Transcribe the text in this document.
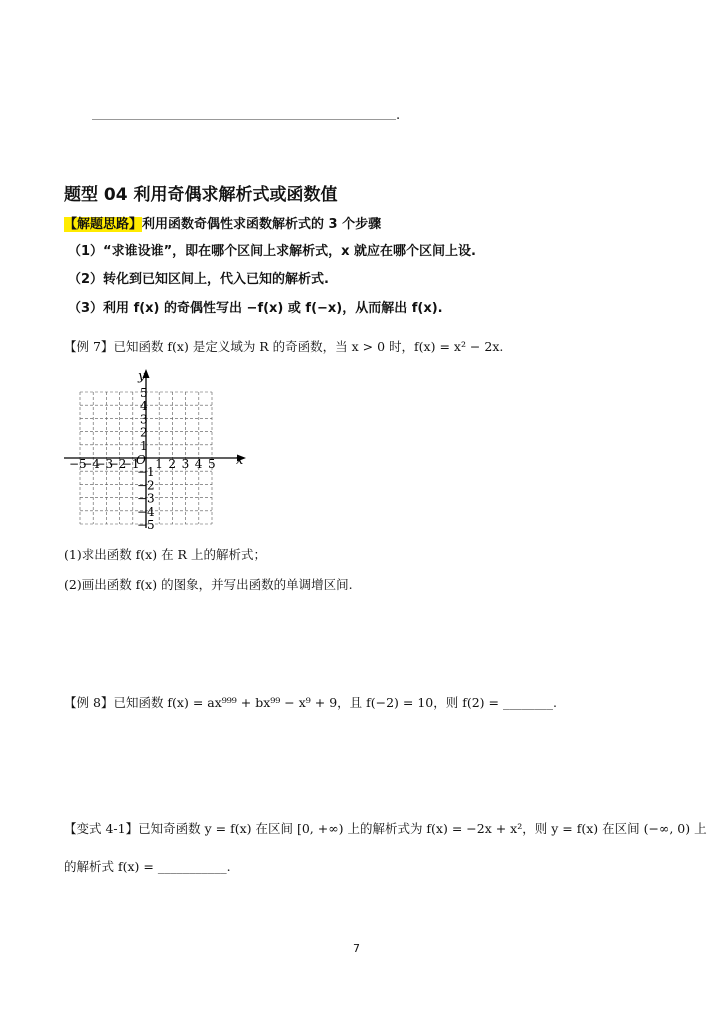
.
题型 04 利用奇偶求解析式或函数值
【解题思路】利用函数奇偶性求函数解析式的 3 个步骤
（1）“求谁设谁”，即在哪个区间上求解析式，x 就应在哪个区间上设.
（2）转化到已知区间上，代入已知的解析式.
（3）利用 f(x) 的奇偶性写出 −f(x) 或 f(−x)，从而解出 f(x).
【例 7】已知函数 f(x) 是定义域为 R 的奇函数，当 x > 0 时，f(x) = x² − 2x.
−5
−4
−3
−2
−1 1 2 3 4 5
5
4
3
2
1
−1
−2
−3
−4
−5
x
y
O
(1)求出函数 f(x) 在 R 上的解析式；
(2)画出函数 f(x) 的图象，并写出函数的单调增区间.
【例 8】已知函数 f(x) = ax⁹⁹⁹ + bx⁹⁹ − x⁹ + 9，且 f(−2) = 10，则 f(2) = ________.
【变式 4-1】已知奇函数 y = f(x) 在区间 [0, +∞) 上的解析式为 f(x) = −2x + x²，则 y = f(x) 在区间 (−∞, 0) 上
的解析式 f(x) = ___________.
7
